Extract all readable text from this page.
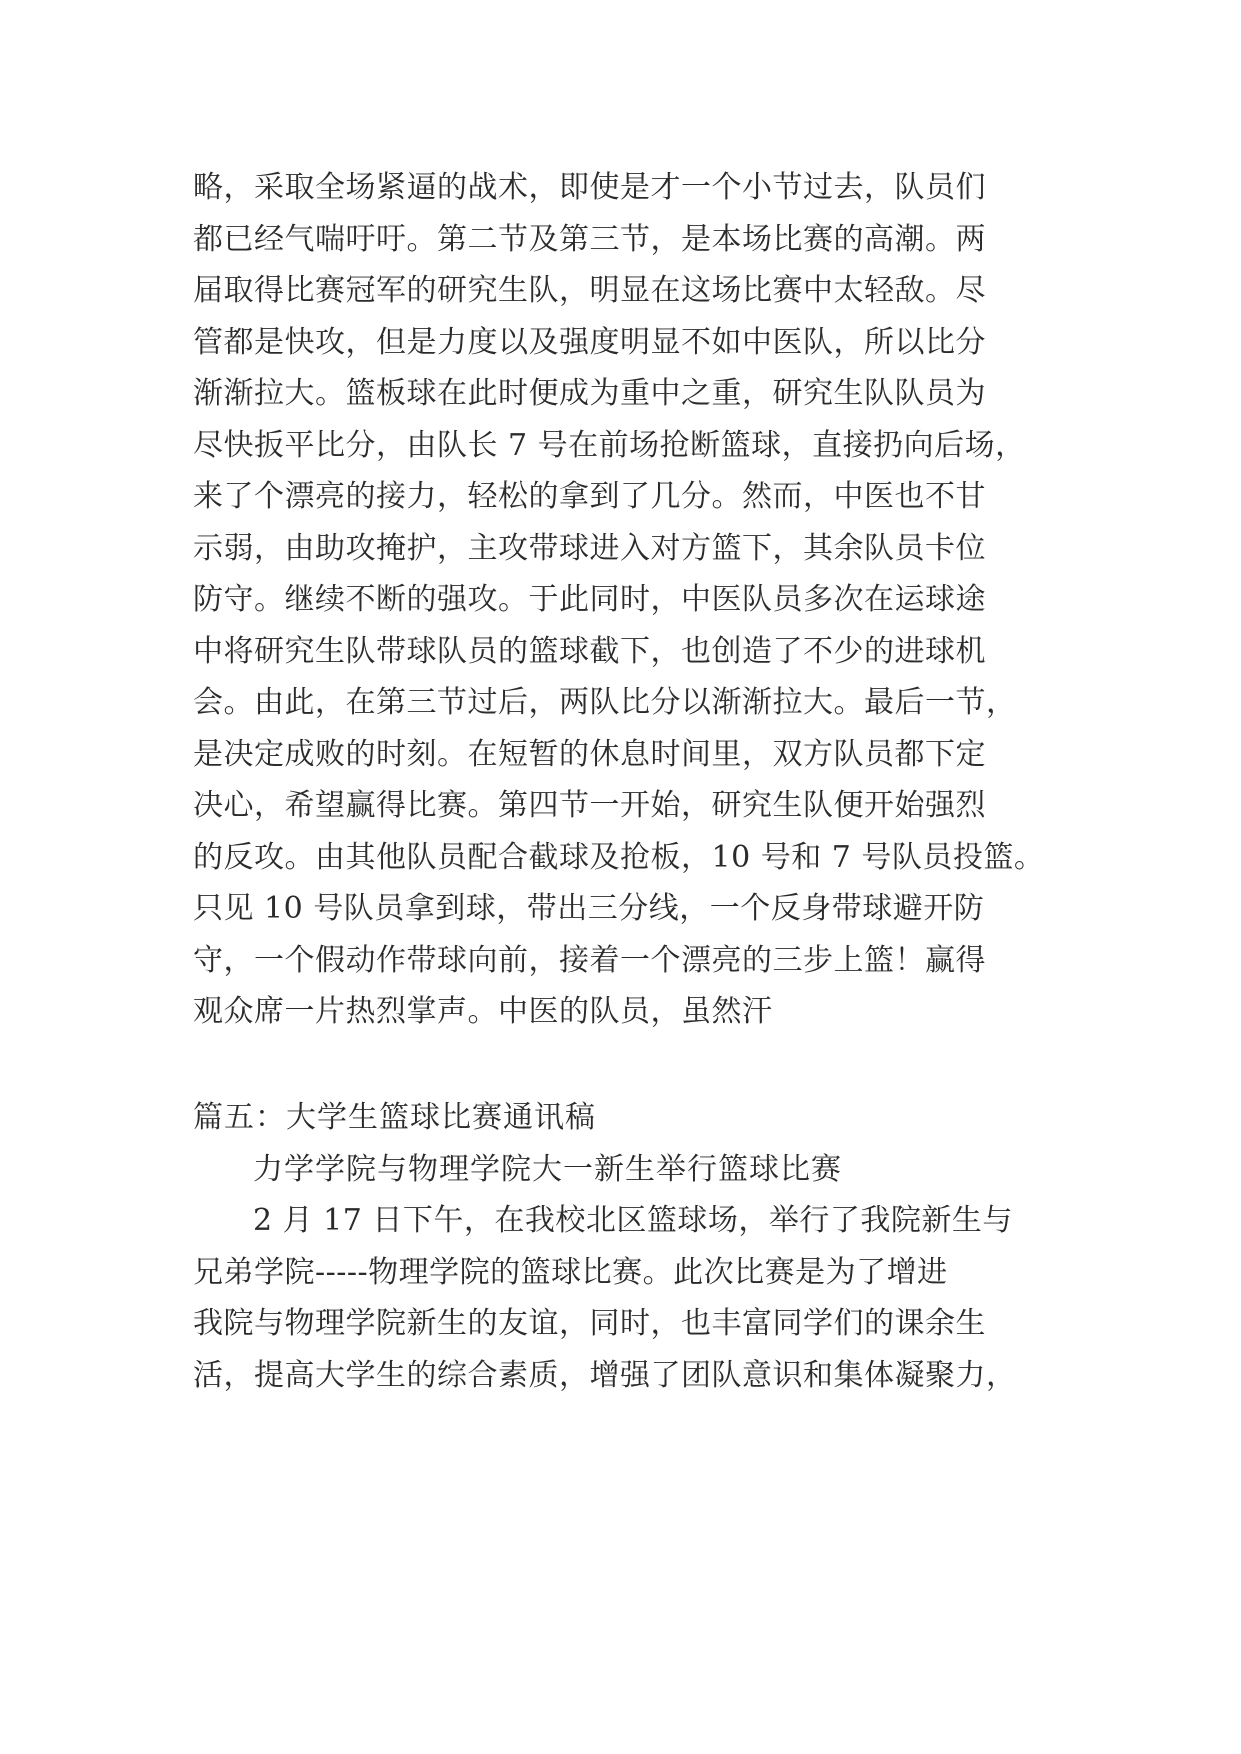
略，采取全场紧逼的战术，即使是才一个小节过去，队员们
都已经气喘吁吁。第二节及第三节，是本场比赛的高潮。两
届取得比赛冠军的研究生队，明显在这场比赛中太轻敌。尽
管都是快攻，但是力度以及强度明显不如中医队，所以比分
渐渐拉大。篮板球在此时便成为重中之重，研究生队队员为
尽快扳平比分，由队长 7 号在前场抢断篮球，直接扔向后场，
来了个漂亮的接力，轻松的拿到了几分。然而，中医也不甘
示弱，由助攻掩护，主攻带球进入对方篮下，其余队员卡位
防守。继续不断的强攻。于此同时，中医队员多次在运球途
中将研究生队带球队员的篮球截下，也创造了不少的进球机
会。由此，在第三节过后，两队比分以渐渐拉大。最后一节，
是决定成败的时刻。在短暂的休息时间里，双方队员都下定
决心，希望赢得比赛。第四节一开始，研究生队便开始强烈
的反攻。由其他队员配合截球及抢板，10 号和 7 号队员投篮。
只见 10 号队员拿到球，带出三分线，一个反身带球避开防
守，一个假动作带球向前，接着一个漂亮的三步上篮！赢得
观众席一片热烈掌声。中医的队员，虽然汗
篇五：大学生篮球比赛通讯稿
力学学院与物理学院大一新生举行篮球比赛
2 月 17 日下午，在我校北区篮球场，举行了我院新生与
兄弟学院-----物理学院的篮球比赛。此次比赛是为了增进
我院与物理学院新生的友谊，同时，也丰富同学们的课余生
活，提高大学生的综合素质，增强了团队意识和集体凝聚力，
